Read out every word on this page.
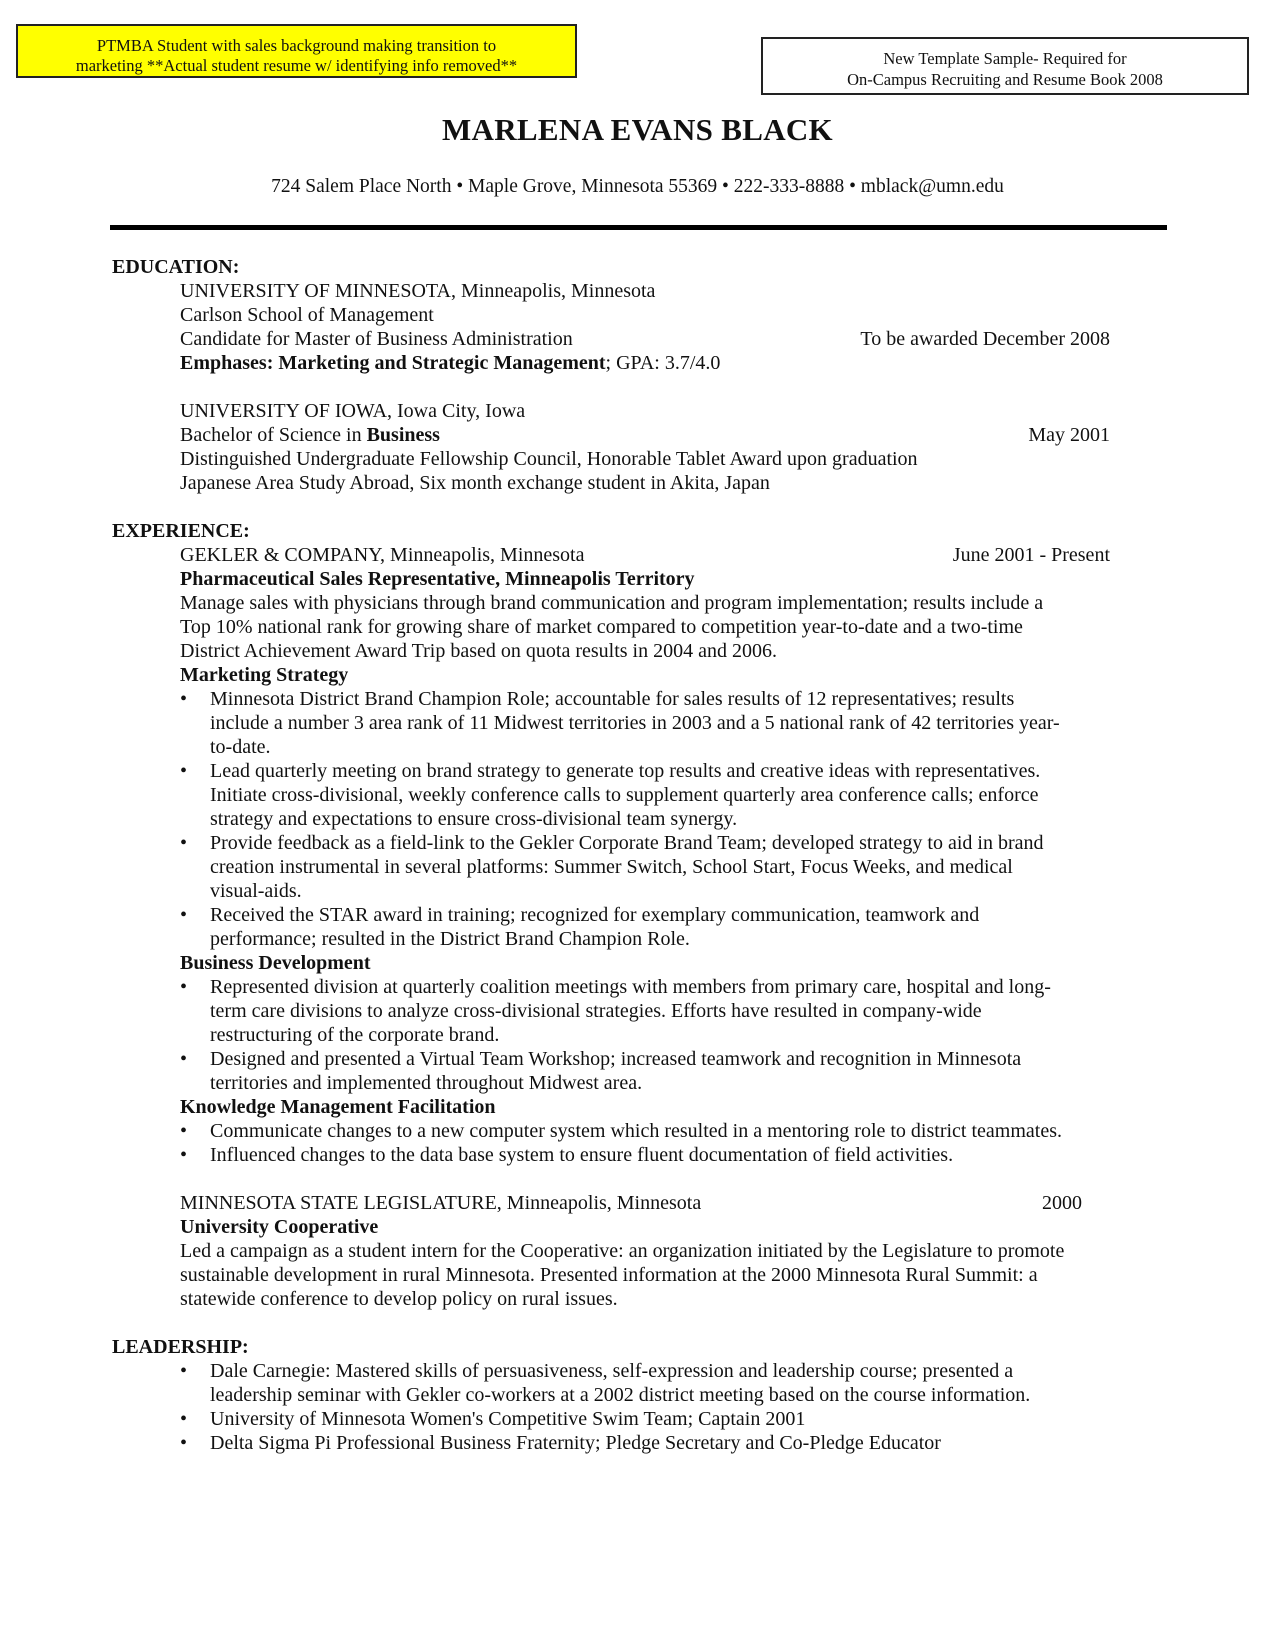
PTMBA Student with sales background making transition to
marketing **Actual student resume w/ identifying info removed**	New Template Sample- Required for
On-Campus Recruiting and Resume Book 2008
MARLENA EVANS BLACK
724 Salem Place North • Maple Grove, Minnesota 55369 • 222-333-8888 • mblack@umn.edu
EDUCATION:
UNIVERSITY OF MINNESOTA, Minneapolis, Minnesota
Carlson School of Management
Candidate for Master of Business Administration	To be awarded December 2008
Emphases: Marketing and Strategic Management; GPA: 3.7/4.0
UNIVERSITY OF IOWA, Iowa City, Iowa
Bachelor of Science in Business	May 2001
Distinguished Undergraduate Fellowship Council, Honorable Tablet Award upon graduation
Japanese Area Study Abroad, Six month exchange student in Akita, Japan
EXPERIENCE:
GEKLER & COMPANY, Minneapolis, Minnesota	June 2001 - Present
Pharmaceutical Sales Representative, Minneapolis Territory
Manage sales with physicians through brand communication and program implementation; results include a
Top 10% national rank for growing share of market compared to competition year-to-date and a two-time
District Achievement Award Trip based on quota results in 2004 and 2006.
Marketing Strategy
• Minnesota District Brand Champion Role; accountable for sales results of 12 representatives; results
include a number 3 area rank of 11 Midwest territories in 2003 and a 5 national rank of 42 territories year-
to-date.
• Lead quarterly meeting on brand strategy to generate top results and creative ideas with representatives.
Initiate cross-divisional, weekly conference calls to supplement quarterly area conference calls; enforce
strategy and expectations to ensure cross-divisional team synergy.
• Provide feedback as a field-link to the Gekler Corporate Brand Team; developed strategy to aid in brand
creation instrumental in several platforms: Summer Switch, School Start, Focus Weeks, and medical
visual-aids.
• Received the STAR award in training; recognized for exemplary communication, teamwork and
performance; resulted in the District Brand Champion Role.
Business Development
• Represented division at quarterly coalition meetings with members from primary care, hospital and long-
term care divisions to analyze cross-divisional strategies. Efforts have resulted in company-wide
restructuring of the corporate brand.
• Designed and presented a Virtual Team Workshop; increased teamwork and recognition in Minnesota
territories and implemented throughout Midwest area.
Knowledge Management Facilitation
• Communicate changes to a new computer system which resulted in a mentoring role to district teammates.
• Influenced changes to the data base system to ensure fluent documentation of field activities.
MINNESOTA STATE LEGISLATURE, Minneapolis, Minnesota	2000
University Cooperative
Led a campaign as a student intern for the Cooperative: an organization initiated by the Legislature to promote
sustainable development in rural Minnesota. Presented information at the 2000 Minnesota Rural Summit: a
statewide conference to develop policy on rural issues.
LEADERSHIP:
• Dale Carnegie: Mastered skills of persuasiveness, self-expression and leadership course; presented a
leadership seminar with Gekler co-workers at a 2002 district meeting based on the course information.
• University of Minnesota Women's Competitive Swim Team; Captain 2001
• Delta Sigma Pi Professional Business Fraternity; Pledge Secretary and Co-Pledge Educator
